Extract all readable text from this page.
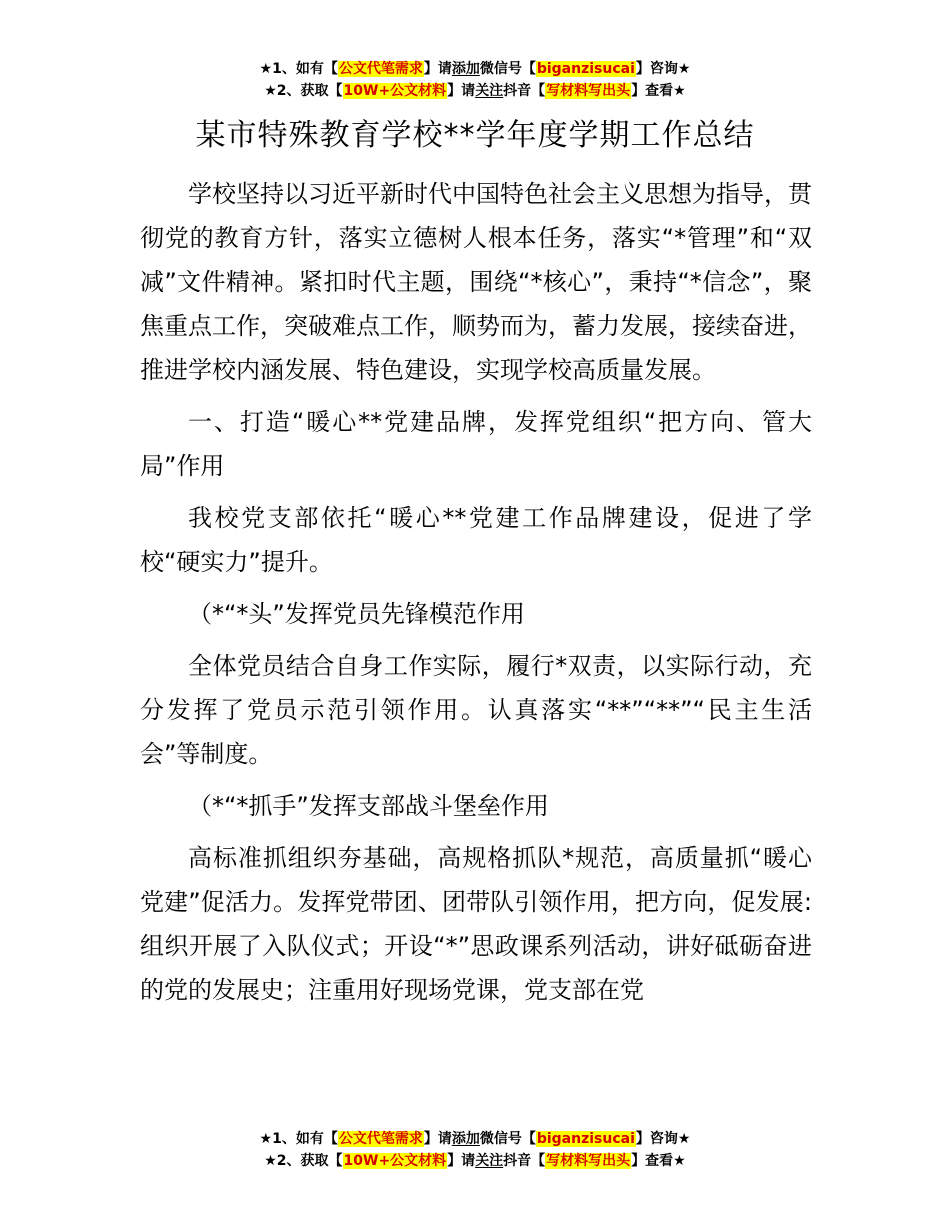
★1、如有【公文代笔需求】请添加微信号【biganzisucai】咨询★
★2、获取【10W+公文材料】请关注抖音【写材料写出头】查看★
某市特殊教育学校**学年度学期工作总结

学校坚持以习近平新时代中国特色社会主义思想为指导，贯彻党的教育方针，落实立德树人根本任务，落实“*管理”和“双减”文件精神。紧扣时代主题，围绕“*核心”，秉持“*信念”，聚焦重点工作，突破难点工作，顺势而为，蓄力发展，接续奋进，推进学校内涵发展、特色建设，实现学校高质量发展。

一、打造“暖心**党建品牌，发挥党组织“把方向、管大局”作用

我校党支部依托“暖心**党建工作品牌建设，促进了学校“硬实力”提升。

（*“*头”发挥党员先锋模范作用

全体党员结合自身工作实际，履行*双责，以实际行动，充分发挥了党员示范引领作用。认真落实“**”“**”“民主生活会”等制度。

（*“*抓手”发挥支部战斗堡垒作用

高标准抓组织夯基础，高规格抓队*规范，高质量抓“暖心党建”促活力。发挥党带团、团带队引领作用，把方向，促发展:组织开展了入队仪式；开设“*”思政课系列活动，讲好砥砺奋进的党的发展史；注重用好现场党课，党支部在党

★1、如有【公文代笔需求】请添加微信号【biganzisucai】咨询★
★2、获取【10W+公文材料】请关注抖音【写材料写出头】查看★
